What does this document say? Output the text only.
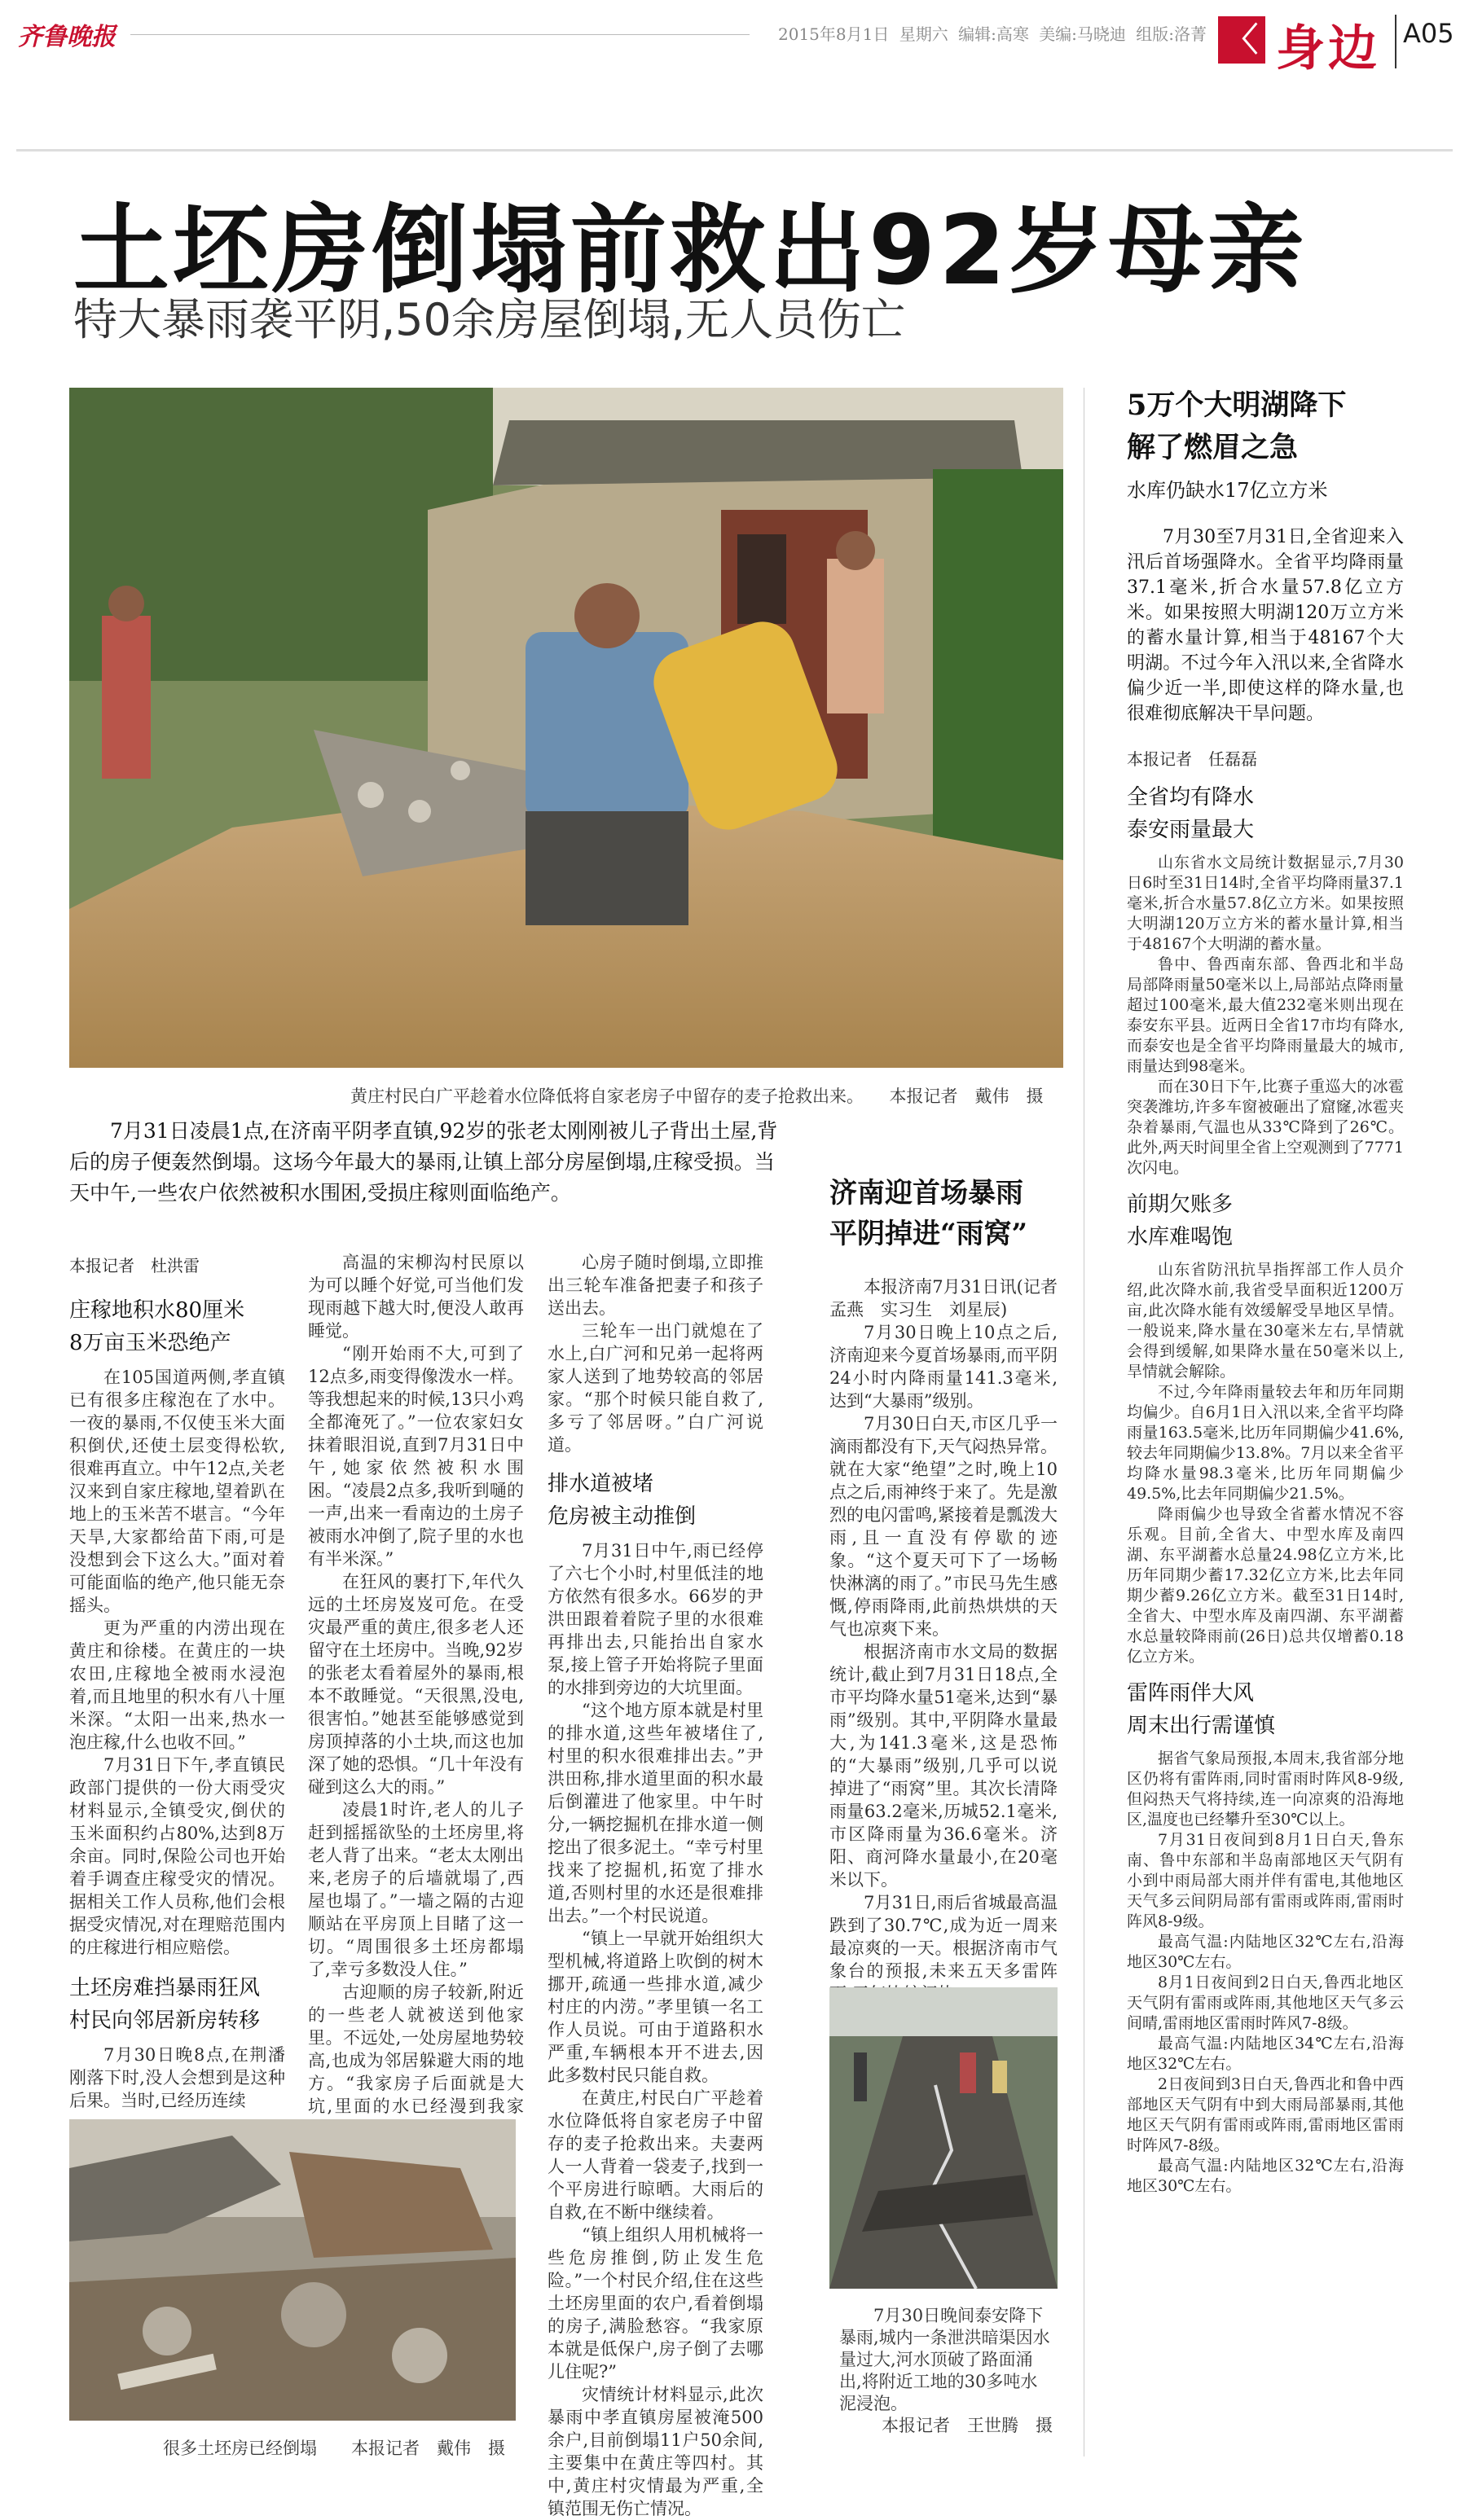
齐鲁晚报	2015年8月1日 星期六 编辑:高寒 美编:马晓迪 组版:洛菁 〈 身边 A05
土坯房倒塌前救出92岁母亲
特大暴雨袭平阴,50余房屋倒塌,无人员伤亡
黄庄村民白广平趁着水位降低将自家老房子中留存的麦子抢救出来。　　 本报记者　戴伟　摄

7月31日凌晨1点,在济南平阴孝直镇,92岁的张老太刚刚被儿子背出土屋,背后的房子便轰然倒塌。这场今年最大的暴雨,让镇上部分房屋倒塌,庄稼受损。当天中午,一些农户依然被积水围困,受损庄稼则面临绝产。

本报记者　杜洪雷
庄稼地积水80厘米
8万亩玉米恐绝产

在105国道两侧,孝直镇已有很多庄稼泡在了水中。一夜的暴雨,不仅使玉米大面积倒伏,还使土层变得松软,很难再直立。中午12点,关老汉来到自家庄稼地,望着趴在地上的玉米苦不堪言。“今年天旱,大家都给苗下雨,可是没想到会下这么大。”面对着可能面临的绝产,他只能无奈摇头。

更为严重的内涝出现在黄庄和徐楼。在黄庄的一块农田,庄稼地全被雨水浸泡着,而且地里的积水有八十厘米深。“太阳一出来,热水一泡庄稼,什么也收不回。”

7月31日下午,孝直镇民政部门提供的一份大雨受灾材料显示,全镇受灾,倒伏的玉米面积约占80%,达到8万余亩。同时,保险公司也开始着手调查庄稼受灾的情况。据相关工作人员称,他们会根据受灾情况,对在理赔范围内的庄稼进行相应赔偿。

土坯房难挡暴雨狂风
村民向邻居新房转移

7月30日晚8点,在荆潘刚落下时,没人会想到是这种后果。当时,已经历连续

高温的宋柳沟村民原以为可以睡个好觉,可当他们发现雨越下越大时,便没人敢再睡觉。

“刚开始雨不大,可到了12点多,雨变得像泼水一样。等我想起来的时候,13只小鸡全都淹死了。”一位农家妇女抹着眼泪说,直到7月31日中午,她家依然被积水围困。“凌晨2点多,我听到嗵的一声,出来一看南边的土房子被雨水冲倒了,院子里的水也有半米深。”

在狂风的裹打下,年代久远的土坯房岌岌可危。在受灾最严重的黄庄,很多老人还留守在土坯房中。当晚,92岁的张老太看着屋外的暴雨,根本不敢睡觉。“天很黑,没电,很害怕。”她甚至能够感觉到房顶掉落的小土块,而这也加深了她的恐惧。“几十年没有碰到这么大的雨。”

凌晨1时许,老人的儿子赶到摇摇欲坠的土坯房里,将老人背了出来。“老太太刚出来,老房子的后墙就塌了,西屋也塌了。”一墙之隔的古迎顺站在平房顶上目睹了这一切。“周围很多土坯房都塌了,幸亏多数没人住。”

古迎顺的房子较新,附近的一些老人就被送到他家里。不远处,一处房屋地势较高,也成为邻居躲避大雨的地方。“我家房子后面就是大坑,里面的水已经漫到我家

心房子随时倒塌,立即推出三轮车准备把妻子和孩子送出去。

三轮车一出门就熄在了水上,白广河和兄弟一起将两家人送到了地势较高的邻居家。“那个时候只能自救了,多亏了邻居呀。”白广河说道。

排水道被堵
危房被主动推倒

7月31日中午,雨已经停了六七个小时,村里低洼的地方依然有很多水。66岁的尹洪田跟着着院子里的水很难再排出去,只能抬出自家水泵,接上管子开始将院子里面的水排到旁边的大坑里面。

“这个地方原本就是村里的排水道,这些年被堵住了,村里的积水很难排出去。”尹洪田称,排水道里面的积水最后倒灌进了他家里。中午时分,一辆挖掘机在排水道一侧挖出了很多泥土。“幸亏村里找来了挖掘机,拓宽了排水道,否则村里的水还是很难排出去。”一个村民说道。

“镇上一早就开始组织大型机械,将道路上吹倒的树木挪开,疏通一些排水道,减少村庄的内涝。”孝里镇一名工作人员说。可由于道路积水严重,车辆根本开不进去,因此多数村民只能自救。

在黄庄,村民白广平趁着水位降低将自家老房子中留存的麦子抢救出来。夫妻两人一人背着一袋麦子,找到一个平房进行晾晒。大雨后的自救,在不断中继续着。

“镇上组织人用机械将一些危房推倒,防止发生危险。”一个村民介绍,住在这些土坯房里面的农户,看着倒塌的房子,满脸愁容。“我家原本就是低保户,房子倒了去哪儿住呢?”

灾情统计材料显示,此次暴雨中孝直镇房屋被淹500余户,目前倒塌11户50余间,主要集中在黄庄等四村。其中,黄庄村灾情最为严重,全镇范围无伤亡情况。

很多土坯房已经倒塌　　 本报记者　戴伟　摄
济南迎首场暴雨
平阴掉进“雨窝”

本报济南7月31日讯(记者　孟燕　实习生　刘星辰)

7月30日晚上10点之后,济南迎来今夏首场暴雨,而平阴24小时内降雨量141.3毫米,达到“大暴雨”级别。

7月30日白天,市区几乎一滴雨都没有下,天气闷热异常。就在大家“绝望”之时,晚上10点之后,雨神终于来了。先是激烈的电闪雷鸣,紧接着是瓢泼大雨,且一直没有停歇的迹象。“这个夏天可下了一场畅快淋漓的雨了。”市民马先生感慨,停雨降雨,此前热烘烘的天气也凉爽下来。

根据济南市水文局的数据统计,截止到7月31日18点,全市平均降水量51毫米,达到“暴雨”级别。其中,平阴降水量最大,为141.3毫米,这是恐怖的“大暴雨”级别,几乎可以说掉进了“雨窝”里。其次长清降雨量63.2毫米,历城52.1毫米,市区降雨量为36.6毫米。济阳、商河降水量最小,在20毫米以下。

7月31日,雨后省城最高温跌到了30.7℃,成为近一周来最凉爽的一天。根据济南市气象台的预报,未来五天多雷阵

7月30日晚间泰安降下暴雨,城内一条泄洪暗渠因水量过大,河水顶破了路面涌出,将附近工地的30多吨水泥浸泡。
本报记者　王世腾　摄
5万个大明湖降下
解了燃眉之急
水库仍缺水17亿立方米

7月30至7月31日,全省迎来入汛后首场强降水。全省平均降雨量37.1毫米,折合水量57.8亿立方米。如果按照大明湖120万立方米的蓄水量计算,相当于48167个大明湖。不过今年入汛以来,全省降水偏少近一半,即使这样的降水量,也很难彻底解决干旱问题。

本报记者　任磊磊
全省均有降水
泰安雨量最大

山东省水文局统计数据显示,7月30日6时至31日14时,全省平均降雨量37.1毫米,折合水量57.8亿立方米。如果按照大明湖120万立方米的蓄水量计算,相当于48167个大明湖的蓄水量。

鲁中、鲁西南东部、鲁西北和半岛局部降雨量50毫米以上,局部站点降雨量超过100毫米,最大值232毫米则出现在泰安东平县。近两日全省17市均有降水,而泰安也是全省平均降雨量最大的城市,雨量达到98毫米。

而在30日下午,比赛子重巡大的冰雹突袭潍坊,许多车窗被砸出了窟窿,冰雹夹杂着暴雨,气温也从33℃降到了26℃。此外,两天时间里全省上空观测到了7771次闪电。

前期欠账多
水库难喝饱

山东省防汛抗旱指挥部工作人员介绍,此次降水前,我省受旱面积近1200万亩,此次降水能有效缓解受旱地区旱情。一般说来,降水量在30毫米左右,旱情就会得到缓解,如果降水量在50毫米以上,旱情就会解除。

不过,今年降雨量较去年和历年同期均偏少。自6月1日入汛以来,全省平均降雨量163.5毫米,比历年同期偏少41.6%,较去年同期偏少13.8%。7月以来全省平均降水量98.3毫米,比历年同期偏少49.5%,比去年同期偏少21.5%。

降雨偏少也导致全省蓄水情况不容乐观。目前,全省大、中型水库及南四湖、东平湖蓄水总量24.98亿立方米,比历年同期少蓄17.32亿立方米,比去年同期少蓄9.26亿立方米。截至31日14时,全省大、中型水库及南四湖、东平湖蓄水总量较降雨前(26日)总共仅增蓄0.18亿立方米。

雷阵雨伴大风
周末出行需谨慎

据省气象局预报,本周末,我省部分地区仍将有雷阵雨,同时雷雨时阵风8-9级,但闷热天气将持续,连一向凉爽的沿海地区,温度也已经攀升至30℃以上。

7月31日夜间到8月1日白天,鲁东南、鲁中东部和半岛南部地区天气阴有小到中雨局部大雨并伴有雷电,其他地区天气多云间阴局部有雷雨或阵雨,雷雨时阵风8-9级。

最高气温:内陆地区32℃左右,沿海地区30℃左右。

8月1日夜间到2日白天,鲁西北地区天气阴有雷雨或阵雨,其他地区天气多云间晴,雷雨地区雷雨时阵风7-8级。

最高气温:内陆地区34℃左右,沿海地区32℃左右。

2日夜间到3日白天,鲁西北和鲁中西部地区天气阴有中到大雨局部暴雨,其他地区天气阴有雷雨或阵雨,雷雨地区雷雨时阵风7-8级。

最高气温:内陆地区32℃左右,沿海地区30℃左右。
